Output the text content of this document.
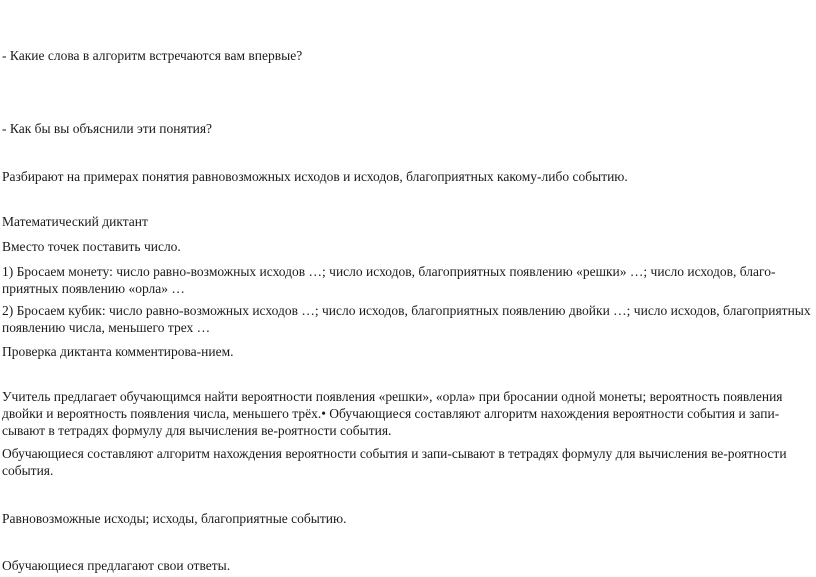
- Какие слова в алгоритм встречаются вам впервые?

- Как бы вы объяснили эти понятия?

Разбирают на примерах понятия равновозможных исходов и исходов, благоприятных какому-либо событию.

Математический диктант

Вместо точек поставить число.

1) Бросаем монету: число равно-возможных исходов …; число исходов, благоприятных появлению «решки» …; число исходов, благо-

приятных появлению «орла» …

2) Бросаем кубик: число равно-возможных исходов …; число исходов, благоприятных появлению двойки …; число исходов, благоприятных

появлению числа, меньшего трех …

Проверка диктанта комментирова-нием.

Учитель предлагает обучающимся найти вероятности появления «решки», «орла» при бросании одной монеты; вероятность появления

двойки и вероятность появления числа, меньшего трёх.• Обучающиеся составляют алгоритм нахождения вероятности события и запи-

сывают в тетрадях формулу для вычисления ве-роятности события.

Обучающиеся составляют алгоритм нахождения вероятности события и запи-сывают в тетрадях формулу для вычисления ве-роятности

события.

Равновозможные исходы; исходы, благоприятные событию.

Обучающиеся предлагают свои ответы.
